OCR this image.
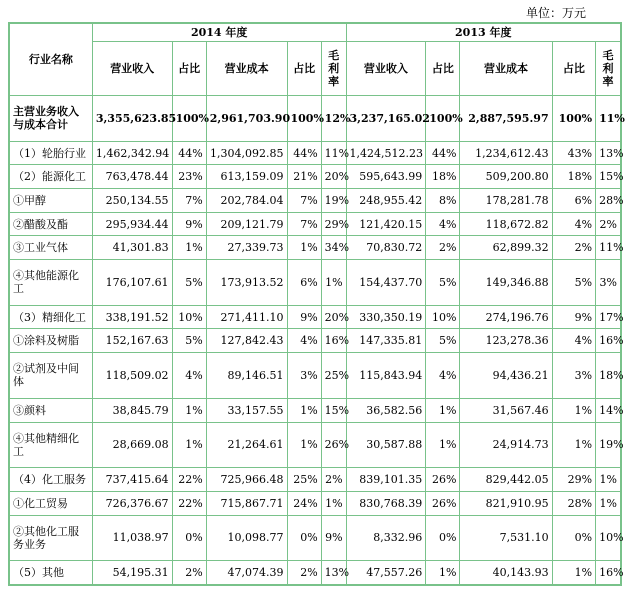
单位：万元
行业名称	2014 年度					2013 年度				
	营业收入	占比	营业成本	占比	毛利率	营业收入	占比	营业成本	占比	毛利率
主营业务收入与成本合计	3,355,623.85	100%	2,961,703.90	100%	12%	3,237,165.02	100%	2,887,595.97	100%	11%
（1）轮胎行业	1,462,342.94	44%	1,304,092.85	44%	11%	1,424,512.23	44%	1,234,612.43	43%	13%
（2）能源化工	763,478.44	23%	613,159.09	21%	20%	595,643.99	18%	509,200.80	18%	15%
①甲醇	250,134.55	7%	202,784.04	7%	19%	248,955.42	8%	178,281.78	6%	28%
②醋酸及酯	295,934.44	9%	209,121.79	7%	29%	121,420.15	4%	118,672.82	4%	2%
③工业气体	41,301.83	1%	27,339.73	1%	34%	70,830.72	2%	62,899.32	2%	11%
④其他能源化工	176,107.61	5%	173,913.52	6%	1%	154,437.70	5%	149,346.88	5%	3%
（3）精细化工	338,191.52	10%	271,411.10	9%	20%	330,350.19	10%	274,196.76	9%	17%
①涂料及树脂	152,167.63	5%	127,842.43	4%	16%	147,335.81	5%	123,278.36	4%	16%
②试剂及中间体	118,509.02	4%	89,146.51	3%	25%	115,843.94	4%	94,436.21	3%	18%
③颜料	38,845.79	1%	33,157.55	1%	15%	36,582.56	1%	31,567.46	1%	14%
④其他精细化工	28,669.08	1%	21,264.61	1%	26%	30,587.88	1%	24,914.73	1%	19%
（4）化工服务	737,415.64	22%	725,966.48	25%	2%	839,101.35	26%	829,442.05	29%	1%
①化工贸易	726,376.67	22%	715,867.71	24%	1%	830,768.39	26%	821,910.95	28%	1%
②其他化工服务业务	11,038.97	0%	10,098.77	0%	9%	8,332.96	0%	7,531.10	0%	10%
（5）其他	54,195.31	2%	47,074.39	2%	13%	47,557.26	1%	40,143.93	1%	16%
